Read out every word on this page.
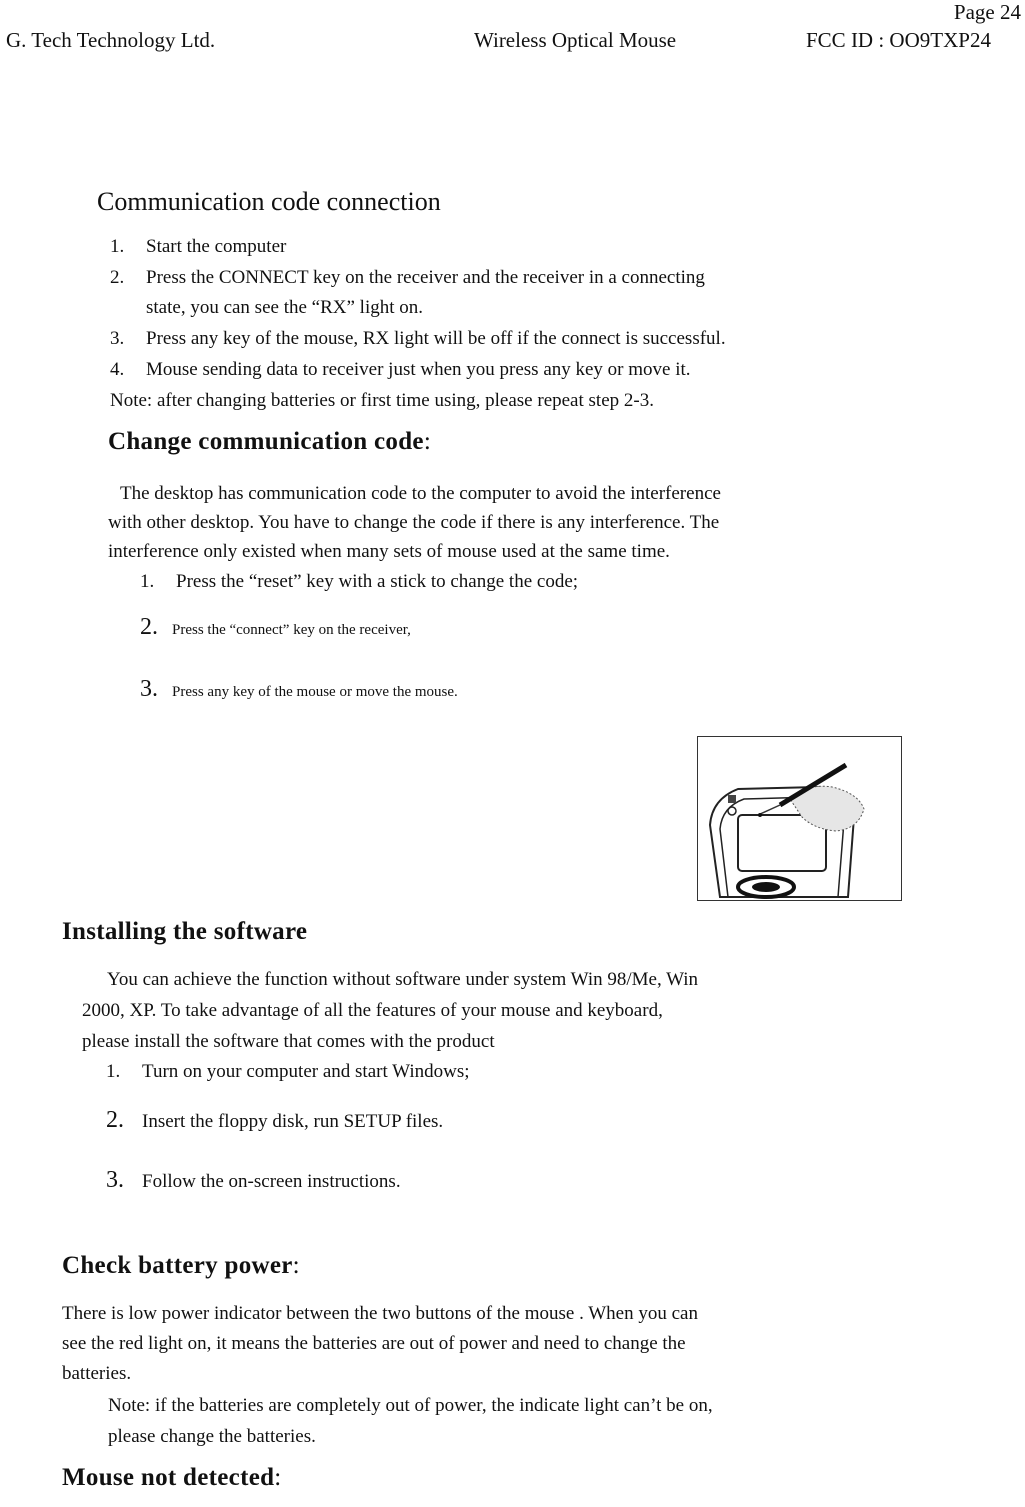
Page 24
G. Tech Technology Ltd.	Wireless Optical Mouse	FCC ID : OO9TXP24
Communication code connection
1. Start the computer
2. Press the CONNECT key on the receiver and the receiver in a connecting
state, you can see the “RX” light on.
3. Press any key of the mouse, RX light will be off if the connect is successful.
4. Mouse sending data to receiver just when you press any key or move it.
Note: after changing batteries or first time using, please repeat step 2-3.
Change communication code:
The desktop has communication code to the computer to avoid the interference
with other desktop. You have to change the code if there is any interference. The
interference only existed when many sets of mouse used at the same time.
1. Press the “reset” key with a stick to change the code;
2. Press the “connect” key on the receiver,
3. Press any key of the mouse or move the mouse.
Installing the software
You can achieve the function without software under system Win 98/Me, Win
2000, XP. To take advantage of all the features of your mouse and keyboard,
please install the software that comes with the product
1. Turn on your computer and start Windows;
2. Insert the floppy disk, run SETUP files.
3. Follow the on-screen instructions.
Check battery power:
There is low power indicator between the two buttons of the mouse . When you can
see the red light on, it means the batteries are out of power and need to change the
batteries.
Note: if the batteries are completely out of power, the indicate light can’t be on,
please change the batteries.
Mouse not detected:
